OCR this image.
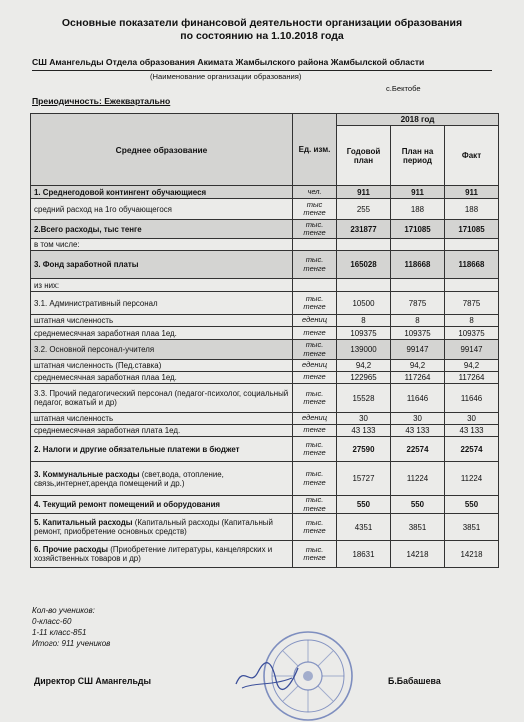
Основные показатели финансовой деятельности организации образования
по состоянию на 1.10.2018 года
СШ Амангельды Отдела образования Акимата Жамбылского района Жамбылской области
(Наименование организации образования)
с.Бектобе
Преиодичность: Ежеквартально
Среднее образование	Ед. изм.	2018 год		
		Годовой план	План на период	Факт
1. Среднегодовой контингент обучающиеся	чел.	911	911	911
средний расход на 1го обучающегося	тыс тенге	255	188	188
2.Всего расходы, тыс тенге	тыс. тенге	231877	171085	171085
в том числе:				
3. Фонд заработной платы	тыс. тенге	165028	118668	118668
из них:				
3.1. Административный персонал	тыс. тенге	10500	7875	7875
штатная численность	едениц	8	8	8
среднемесячная заработная плаа 1ед.	тенге	109375	109375	109375
3.2. Основной персонал-учителя	тыс. тенге	139000	99147	99147
штатная численность (Пед.ставка)	едениц	94,2	94,2	94,2
среднемесячная заработная плаа 1ед.	тенге	122965	117264	117264
3.3. Прочий педагогический персонал (педагог-психолог, социальный педагог, вожатый и др)	тыс. тенге	15528	11646	11646
штатная численность	едениц	30	30	30
среднемесячная заработная плата 1ед.	тенге	43 133	43 133	43 133
2. Налоги и другие обязательные платежи в бюджет	тыс. тенге	27590	22574	22574
3. Коммунальные расходы (свет,вода, отопление, связь,интернет,аренда помещений и др.)	тыс. тенге	15727	11224	11224
4. Текущий ремонт помещений и оборудования	тыс. тенге	550	550	550
5. Капитальный расходы (Капитальный расходы (Капитальный ремонт, приобретение основных средств)	тыс. тенге	4351	3851	3851
6. Прочие расходы (Приобретение литературы, канцелярских и хозяйственных товаров и др)	тыс. тенге	18631	14218	14218
Кол-во учеников:
0-класс-60
1-11 класс-851
Итого: 911 учеников
Директор СШ Амангельды	Б.Бабашева
